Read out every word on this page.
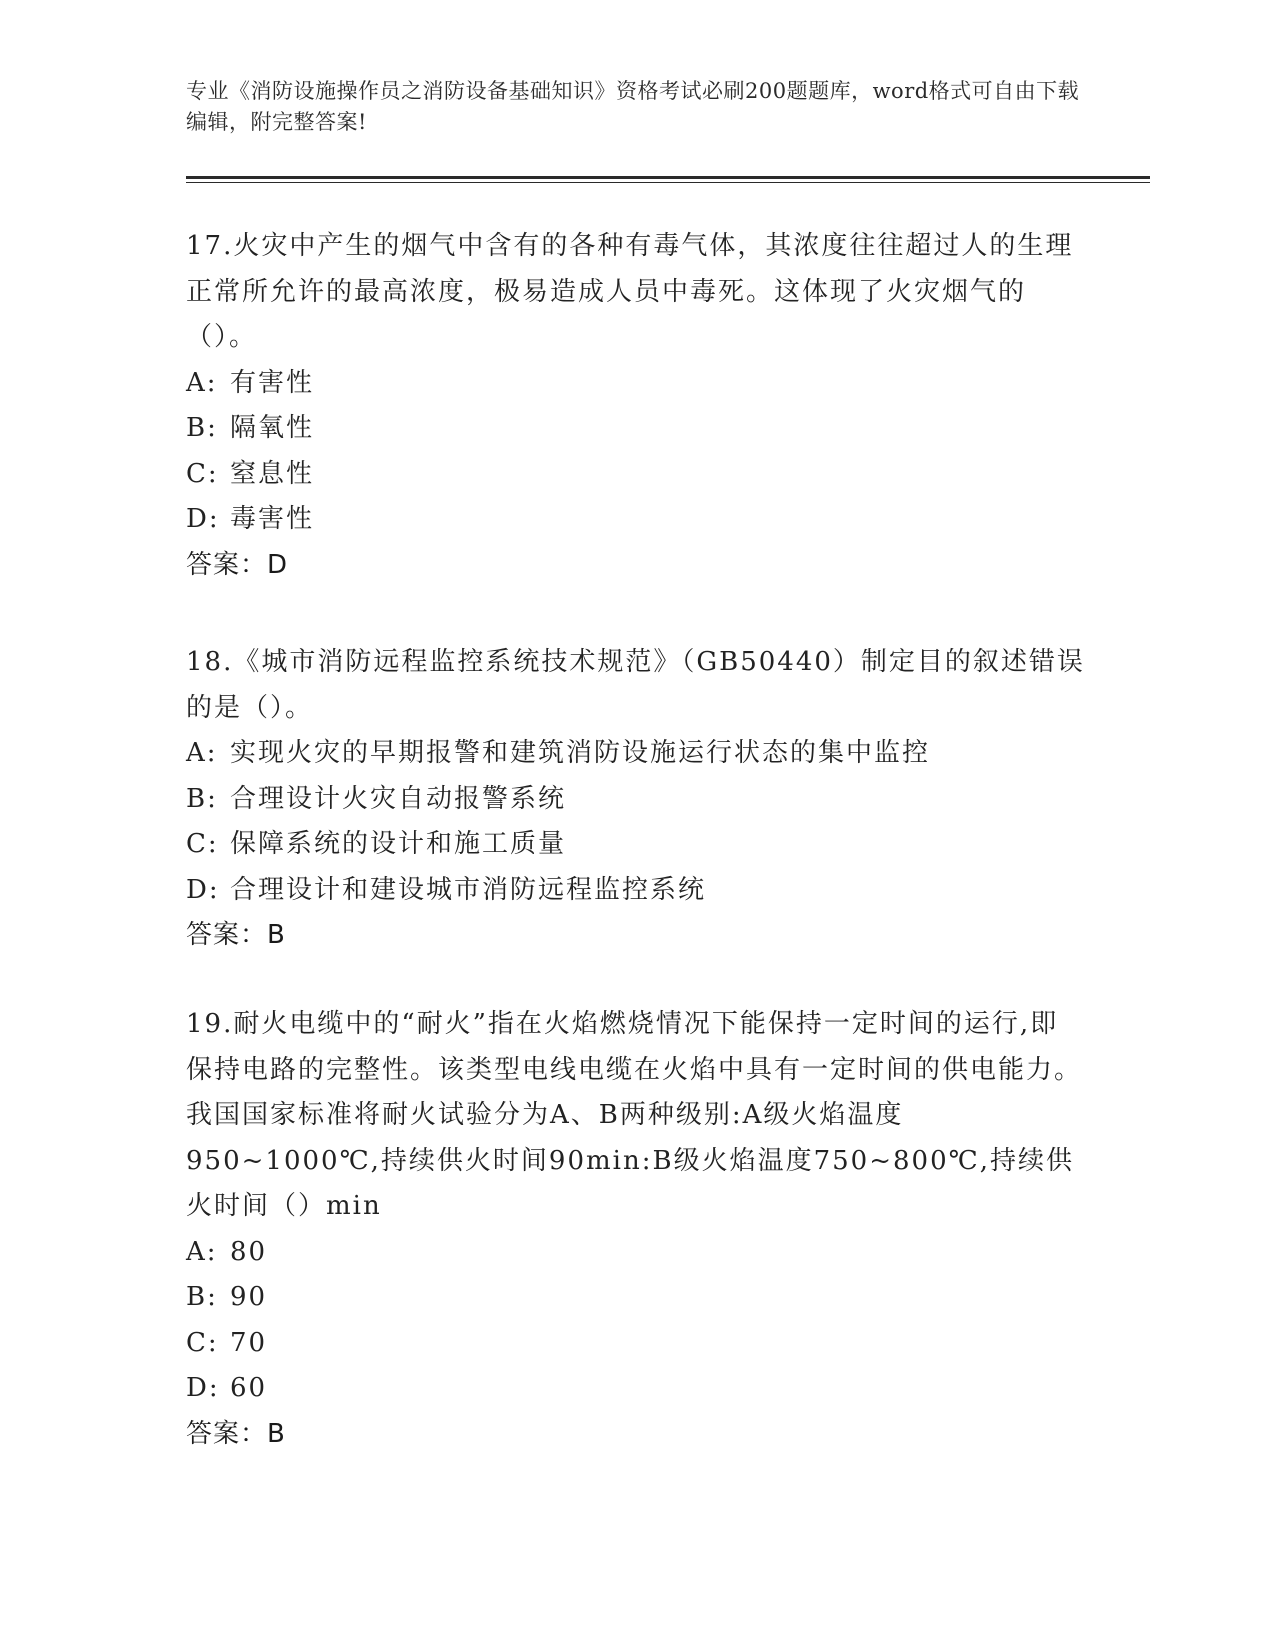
专业《消防设施操作员之消防设备基础知识》资格考试必刷200题题库，word格式可自由下载编辑，附完整答案!
17.火灾中产生的烟气中含有的各种有毒气体，其浓度往往超过人的生理正常所允许的最高浓度，极易造成人员中毒死。这体现了火灾烟气的（）。
A: 有害性
B: 隔氧性
C: 窒息性
D: 毒害性
答案：D
18.《城市消防远程监控系统技术规范》（GB50440）制定目的叙述错误的是（）。
A: 实现火灾的早期报警和建筑消防设施运行状态的集中监控
B: 合理设计火灾自动报警系统
C: 保障系统的设计和施工质量
D: 合理设计和建设城市消防远程监控系统
答案：B
19.耐火电缆中的“耐火”指在火焰燃烧情况下能保持一定时间的运行,即保持电路的完整性。该类型电线电缆在火焰中具有一定时间的供电能力。我国国家标准将耐火试验分为A、B两种级别:A级火焰温度950~1000℃,持续供火时间90min:B级火焰温度750~800℃,持续供火时间（）min
A: 80
B: 90
C: 70
D: 60
答案：B
